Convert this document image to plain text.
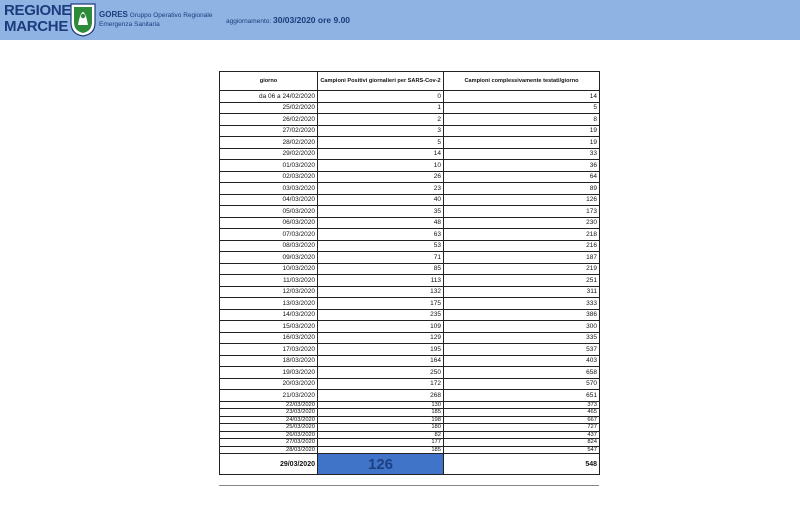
REGIONE
MARCHE
GORES Gruppo Operativo Regionale
Emergenza Sanitaria	aggiornamento: 30/03/2020 ore 9.00
giorno	Campioni Positivi giornalieri per SARS-Cov-2	Campioni complessivamente testati/giorno
da 06 a 24/02/2020	0	14
25/02/2020	1	5
26/02/2020	2	8
27/02/2020	3	19
28/02/2020	5	19
29/02/2020	14	33
01/03/2020	10	36
02/03/2020	26	64
03/03/2020	23	89
04/03/2020	40	126
05/03/2020	35	173
06/03/2020	48	230
07/03/2020	63	218
08/03/2020	53	216
09/03/2020	71	187
10/03/2020	85	219
11/03/2020	113	251
12/03/2020	132	311
13/03/2020	175	333
14/03/2020	235	386
15/03/2020	109	300
16/03/2020	129	335
17/03/2020	195	537
18/03/2020	164	403
19/03/2020	250	658
20/03/2020	172	570
21/03/2020	268	651
22/03/2020	130	373
23/03/2020	185	465
24/03/2020	198	667
25/03/2020	180	727
26/03/2020	82	437
27/03/2020	177	824
28/03/2020	185	547
29/03/2020	126	548
